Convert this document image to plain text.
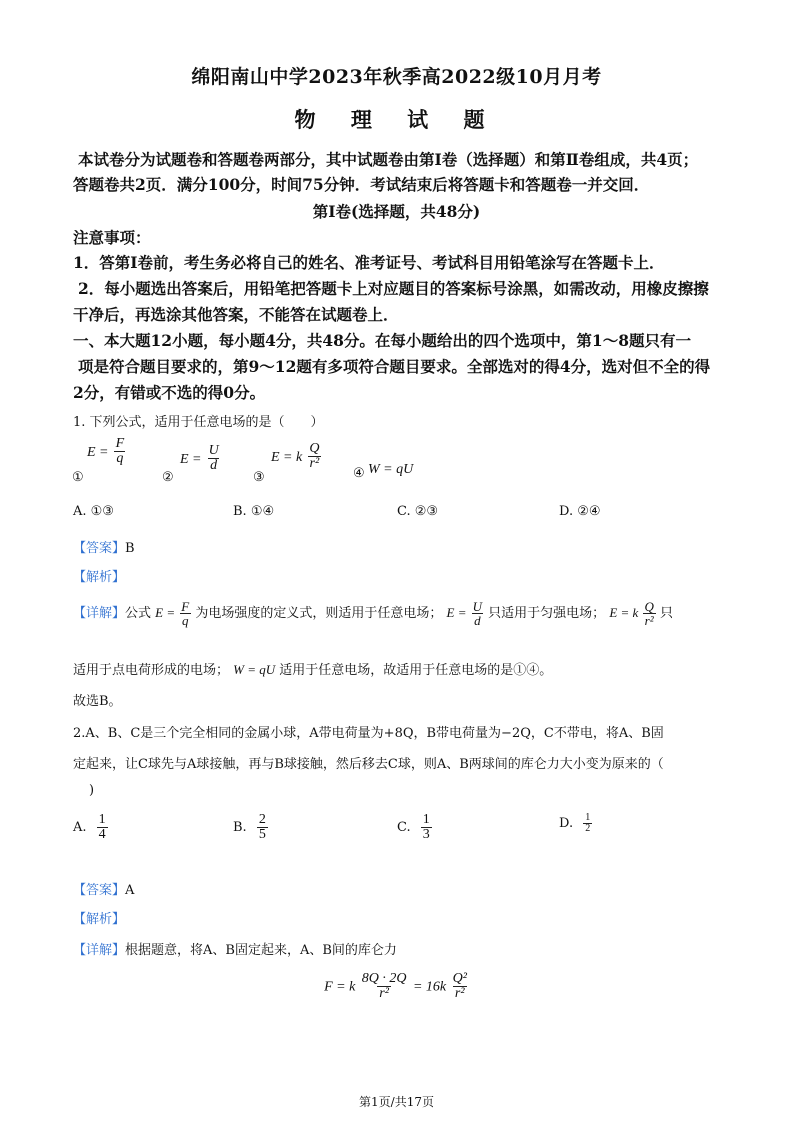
绵阳南山中学2023年秋季高2022级10月月考
物 理 试 题
本试卷分为试题卷和答题卷两部分，其中试题卷由第Ⅰ卷（选择题）和第Ⅱ卷组成，共4页；
答题卷共2页．满分100分，时间75分钟．考试结束后将答题卡和答题卷一并交回．
第Ⅰ卷(选择题，共48分)
注意事项：
1．答第Ⅰ卷前，考生务必将自己的姓名、准考证号、考试科目用铅笔涂写在答题卡上．
2．每小题选出答案后，用铅笔把答题卡上对应题目的答案标号涂黑，如需改动，用橡皮擦擦
干净后，再选涂其他答案，不能答在试题卷上．
一、本大题12小题，每小题4分，共48分。在每小题给出的四个选项中，第1～8题只有一
项是符合题目要求的，第9～12题有多项符合题目要求。全部选对的得4分，选对但不全的得
2分，有错或不选的得0分。
1. 下列公式，适用于任意电场的是（　　）
$E = \frac{F}{q}$
①
$E = \frac{U}{d}$
②
E = k $\frac{Q}{\text{r²}}$
③	④ W = qU
A. ①③	B. ①④	C. ②③	D. ②④
【答案】B
【解析】
【详解】公式 $E = \frac{F}{q}$ 为电场强度的定义式，则适用于任意电场； $E = \frac{U}{d}$ 只适用于匀强电场； E = k $\frac{Q}{\text{r²}}$ 只
适用于点电荷形成的电场； W = qU 适用于任意电场，故适用于任意电场的是①④。
故选B。
2.A、B、C是三个完全相同的金属小球，A带电荷量为+8Q，B带电荷量为−2Q，C不带电，将A、B固
定起来，让C球先与A球接触，再与B球接触，然后移去C球，则A、B两球间的库仑力大小变为原来的（
)
A. $\frac{1}{4}$	B. $\frac{2}{5}$	C. $\frac{1}{3}$	D. $\frac{1}{2}$
【答案】A
【解析】
【详解】根据题意，将A、B固定起来，A、B间的库仑力
F = k $\frac{8Q \cdot 2Q}{\text{r²}} = 16k \frac{\text{Q²}}{\text{r²}}$
第1页/共17页
